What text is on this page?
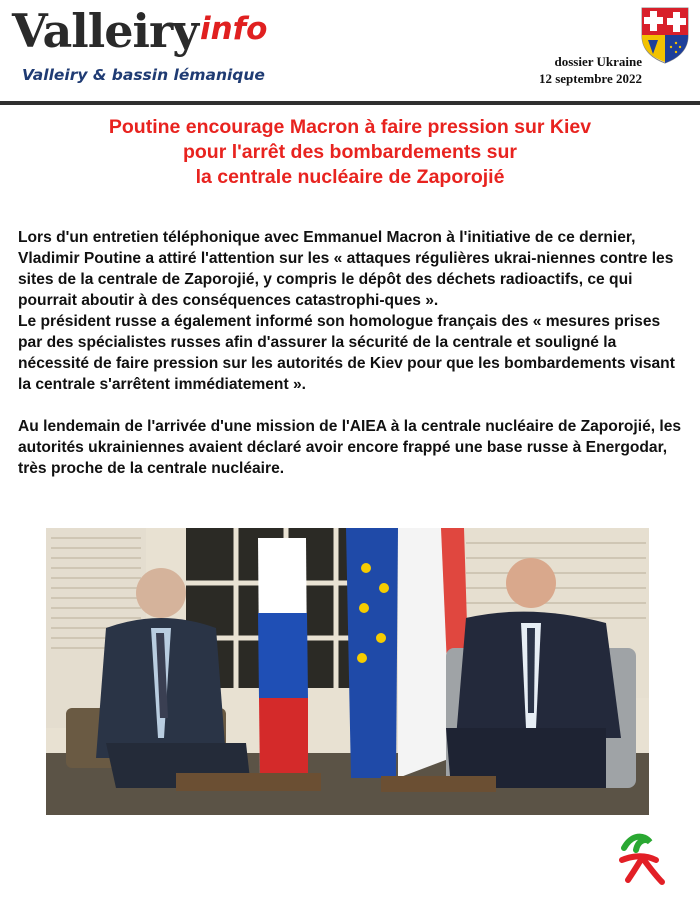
Valleiryinfo
Valleiry & bassin lémanique
dossier Ukraine
12 septembre 2022
Poutine encourage Macron à faire pression sur Kiev
pour l'arrêt des bombardements sur
la centrale nucléaire de Zaporojié

Lors d'un entretien téléphonique avec Emmanuel Macron à l'initiative de ce dernier, Vladimir Poutine a attiré l'attention sur les « attaques régulières ukrai-niennes contre les sites de la centrale de Zaporojié, y compris le dépôt des déchets radioactifs, ce qui pourrait aboutir à des conséquences catastrophi-ques ».
Le président russe a également informé son homologue français des « mesures prises par des spécialistes russes afin d'assurer la sécurité de la centrale et souligné la nécessité de faire pression sur les autorités de Kiev pour que les bombardements visant la centrale s'arrêtent immédiatement ».

Au lendemain de l'arrivée d'une mission de l'AIEA à la centrale nucléaire de Zaporojié, les autorités ukrainiennes avaient déclaré avoir encore frappé une base russe à Energodar, très proche de la centrale nucléaire.
